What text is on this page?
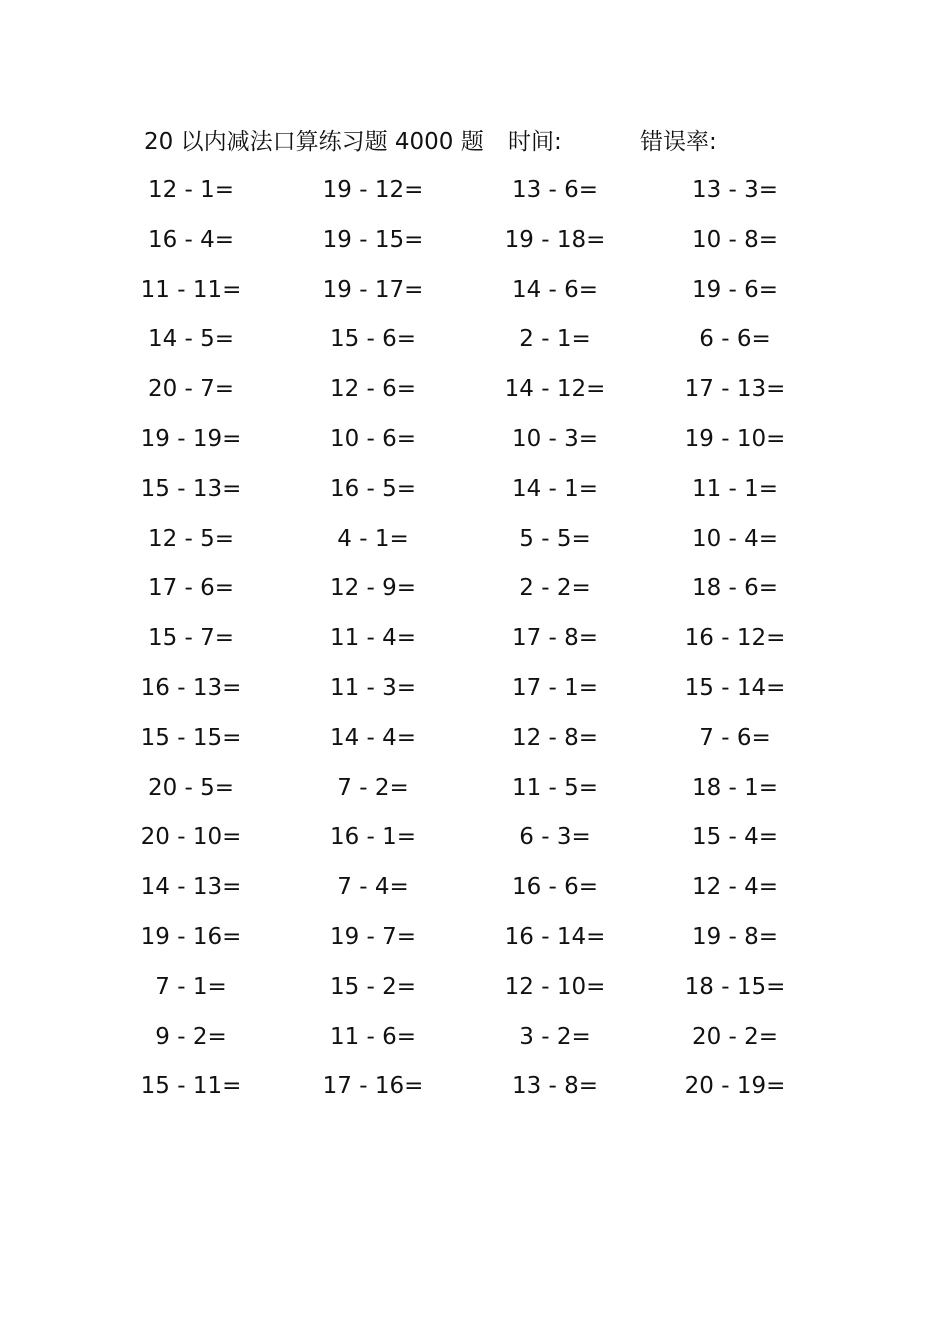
20 以内减法口算练习题 4000 题 时间:	错误率:
12 - 1=	19 - 12=	13 - 6=	13 - 3=
16 - 4=	19 - 15=	19 - 18=	10 - 8=
11 - 11=	19 - 17=	14 - 6=	19 - 6=
14 - 5=	15 - 6=	2 - 1=	6 - 6=
20 - 7=	12 - 6=	14 - 12=	17 - 13=
19 - 19=	10 - 6=	10 - 3=	19 - 10=
15 - 13=	16 - 5=	14 - 1=	11 - 1=
12 - 5=	4 - 1=	5 - 5=	10 - 4=
17 - 6=	12 - 9=	2 - 2=	18 - 6=
15 - 7=	11 - 4=	17 - 8=	16 - 12=
16 - 13=	11 - 3=	17 - 1=	15 - 14=
15 - 15=	14 - 4=	12 - 8=	7 - 6=
20 - 5=	7 - 2=	11 - 5=	18 - 1=
20 - 10=	16 - 1=	6 - 3=	15 - 4=
14 - 13=	7 - 4=	16 - 6=	12 - 4=
19 - 16=	19 - 7=	16 - 14=	19 - 8=
7 - 1=	15 - 2=	12 - 10=	18 - 15=
9 - 2=	11 - 6=	3 - 2=	20 - 2=
15 - 11=	17 - 16=	13 - 8=	20 - 19=
